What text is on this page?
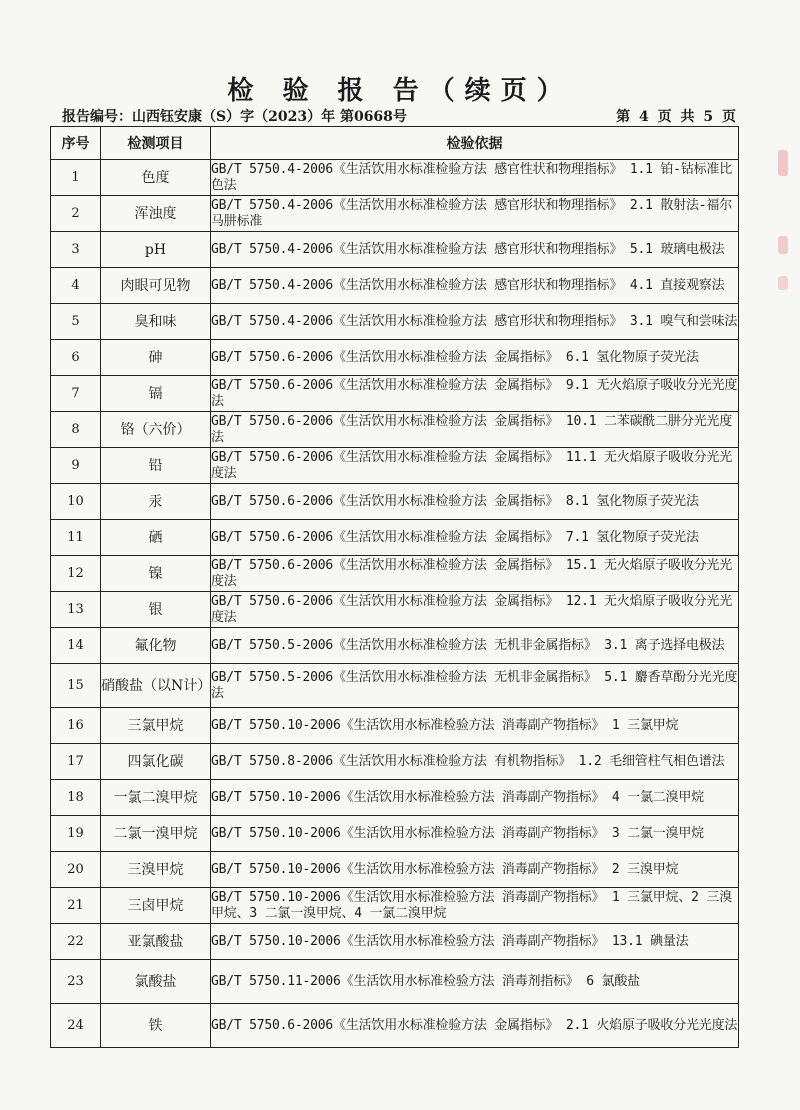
检 验 报 告（续页）
报告编号：山西钰安康（S）字（2023）年 第0668号	第 4 页 共 5 页
序号	检测项目	检验依据
1	色度	GB/T 5750.4-2006《生活饮用水标准检验方法 感官性状和物理指标》 1.1 铂-钴标准比色法
2	浑浊度	GB/T 5750.4-2006《生活饮用水标准检验方法 感官形状和物理指标》 2.1 散射法-福尔马肼标准
3	pH	GB/T 5750.4-2006《生活饮用水标准检验方法 感官形状和物理指标》 5.1 玻璃电极法
4	肉眼可见物	GB/T 5750.4-2006《生活饮用水标准检验方法 感官形状和物理指标》 4.1 直接观察法
5	臭和味	GB/T 5750.4-2006《生活饮用水标准检验方法 感官形状和物理指标》 3.1 嗅气和尝味法
6	砷	GB/T 5750.6-2006《生活饮用水标准检验方法 金属指标》 6.1 氢化物原子荧光法
7	镉	GB/T 5750.6-2006《生活饮用水标准检验方法 金属指标》 9.1 无火焰原子吸收分光光度法
8	铬（六价）	GB/T 5750.6-2006《生活饮用水标准检验方法 金属指标》 10.1 二苯碳酰二肼分光光度法
9	铅	GB/T 5750.6-2006《生活饮用水标准检验方法 金属指标》 11.1 无火焰原子吸收分光光度法
10	汞	GB/T 5750.6-2006《生活饮用水标准检验方法 金属指标》 8.1 氢化物原子荧光法
11	硒	GB/T 5750.6-2006《生活饮用水标准检验方法 金属指标》 7.1 氢化物原子荧光法
12	镍	GB/T 5750.6-2006《生活饮用水标准检验方法 金属指标》 15.1 无火焰原子吸收分光光度法
13	银	GB/T 5750.6-2006《生活饮用水标准检验方法 金属指标》 12.1 无火焰原子吸收分光光度法
14	氟化物	GB/T 5750.5-2006《生活饮用水标准检验方法 无机非金属指标》 3.1 离子选择电极法
15	硝酸盐（以N计）	GB/T 5750.5-2006《生活饮用水标准检验方法 无机非金属指标》 5.1 麝香草酚分光光度法
16	三氯甲烷	GB/T 5750.10-2006《生活饮用水标准检验方法 消毒副产物指标》 1 三氯甲烷
17	四氯化碳	GB/T 5750.8-2006《生活饮用水标准检验方法 有机物指标》 1.2 毛细管柱气相色谱法
18	一氯二溴甲烷	GB/T 5750.10-2006《生活饮用水标准检验方法 消毒副产物指标》 4 一氯二溴甲烷
19	二氯一溴甲烷	GB/T 5750.10-2006《生活饮用水标准检验方法 消毒副产物指标》 3 二氯一溴甲烷
20	三溴甲烷	GB/T 5750.10-2006《生活饮用水标准检验方法 消毒副产物指标》 2 三溴甲烷
21	三卤甲烷	GB/T 5750.10-2006《生活饮用水标准检验方法 消毒副产物指标》 1 三氯甲烷、2 三溴甲烷、3 二氯一溴甲烷、4 一氯二溴甲烷
22	亚氯酸盐	GB/T 5750.10-2006《生活饮用水标准检验方法 消毒副产物指标》 13.1 碘量法
23	氯酸盐	GB/T 5750.11-2006《生活饮用水标准检验方法 消毒剂指标》 6 氯酸盐
24	铁	GB/T 5750.6-2006《生活饮用水标准检验方法 金属指标》 2.1 火焰原子吸收分光光度法
